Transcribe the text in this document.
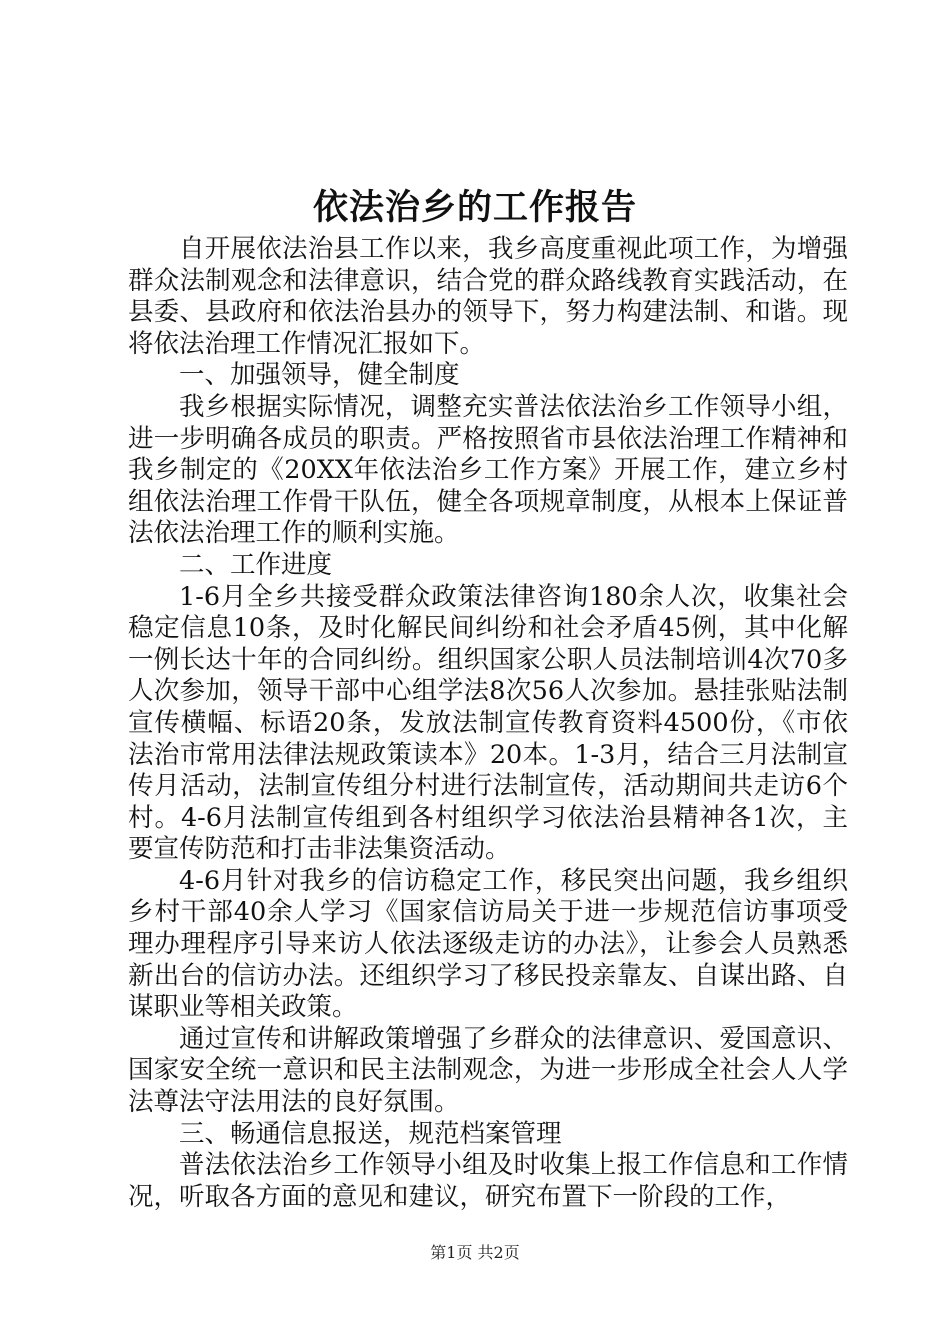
依法治乡的工作报告

自开展依法治县工作以来，我乡高度重视此项工作，为增强群众法制观念和法律意识，结合党的群众路线教育实践活动，在县委、县政府和依法治县办的领导下，努力构建法制、和谐。现将依法治理工作情况汇报如下。

一、加强领导，健全制度

我乡根据实际情况，调整充实普法依法治乡工作领导小组，进一步明确各成员的职责。严格按照省市县依法治理工作精神和我乡制定的《20XX年依法治乡工作方案》开展工作，建立乡村组依法治理工作骨干队伍，健全各项规章制度，从根本上保证普法依法治理工作的顺利实施。

二、工作进度

1-6月全乡共接受群众政策法律咨询180余人次，收集社会稳定信息10条，及时化解民间纠纷和社会矛盾45例，其中化解一例长达十年的合同纠纷。组织国家公职人员法制培训4次70多人次参加，领导干部中心组学法8次56人次参加。悬挂张贴法制宣传横幅、标语20条，发放法制宣传教育资料4500份，《市依法治市常用法律法规政策读本》20本。1-3月，结合三月法制宣传月活动，法制宣传组分村进行法制宣传，活动期间共走访6个村。4-6月法制宣传组到各村组织学习依法治县精神各1次，主要宣传防范和打击非法集资活动。

4-6月针对我乡的信访稳定工作，移民突出问题，我乡组织乡村干部40余人学习《国家信访局关于进一步规范信访事项受理办理程序引导来访人依法逐级走访的办法》，让参会人员熟悉新出台的信访办法。还组织学习了移民投亲靠友、自谋出路、自谋职业等相关政策。

通过宣传和讲解政策增强了乡群众的法律意识、爱国意识、国家安全统一意识和民主法制观念，为进一步形成全社会人人学法尊法守法用法的良好氛围。

三、畅通信息报送，规范档案管理

普法依法治乡工作领导小组及时收集上报工作信息和工作情况，听取各方面的意见和建议，研究布置下一阶段的工作，

第1页 共2页
